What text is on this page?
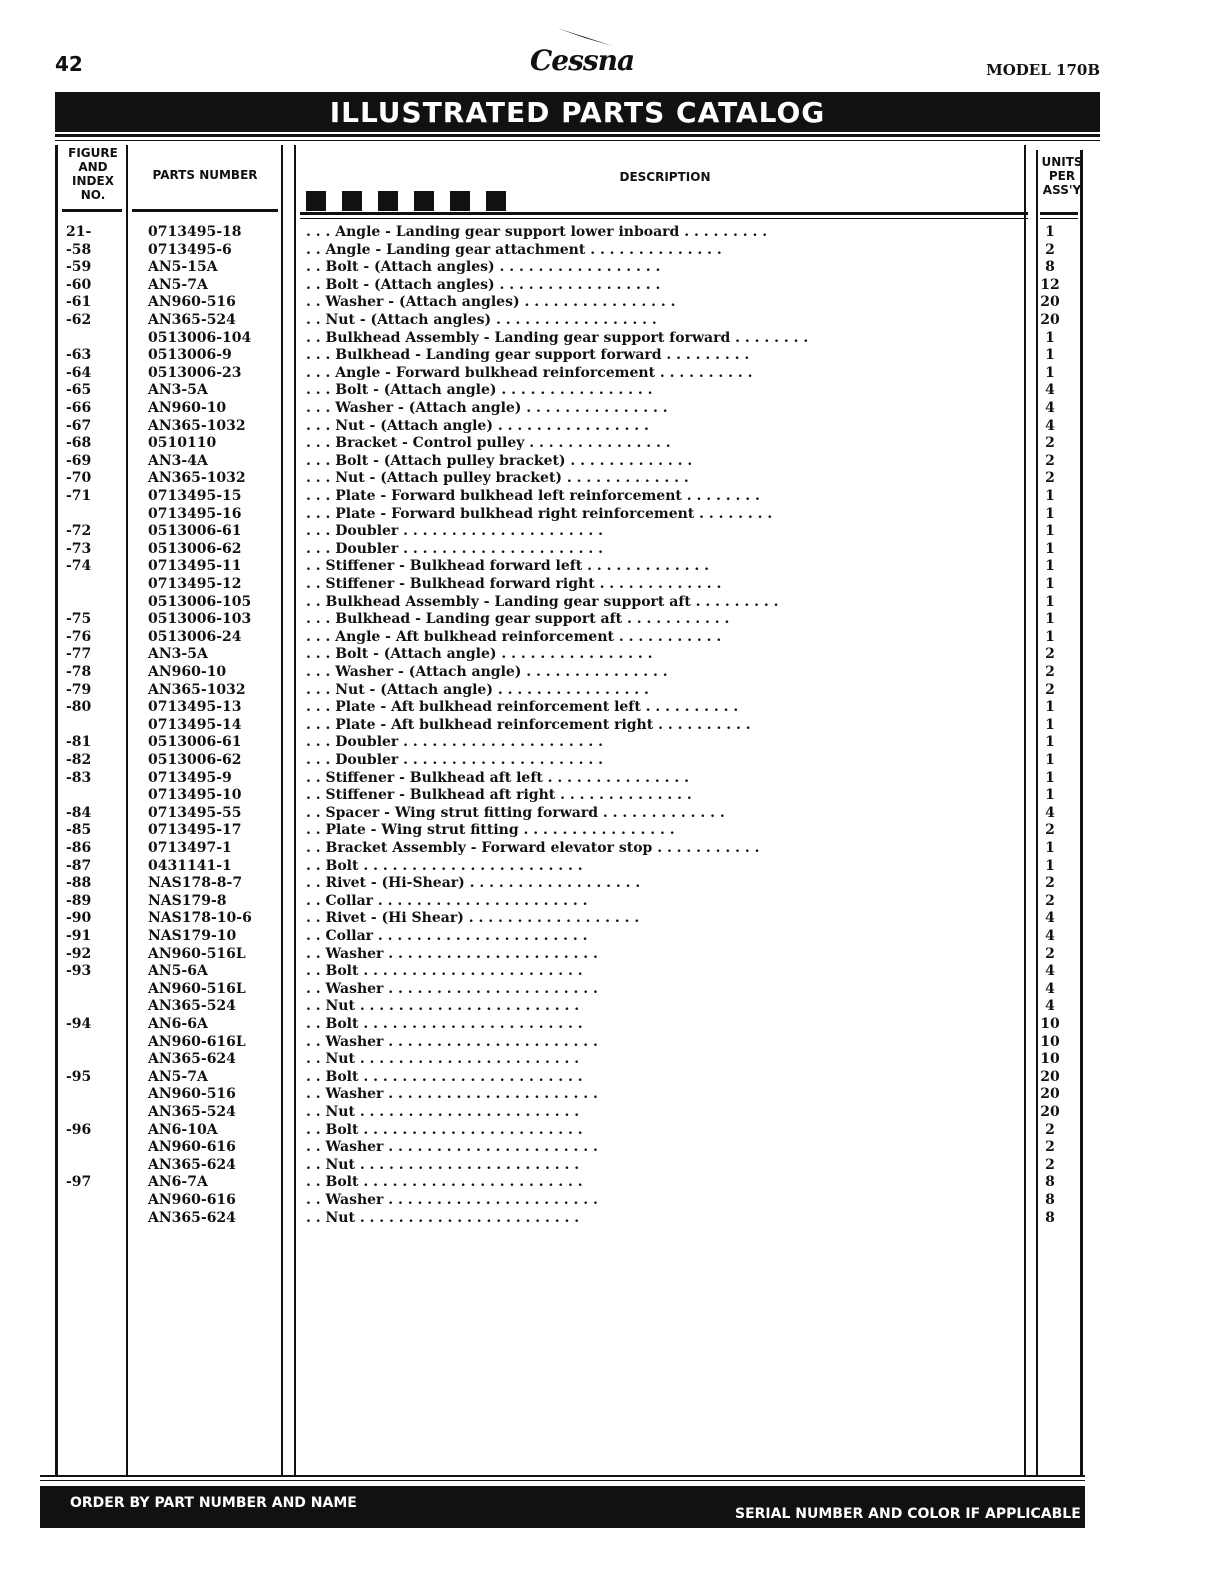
42	Cessna	MODEL 170B
ILLUSTRATED PARTS CATALOG
FIGURE
AND
INDEX
NO.
PARTS NUMBER	DESCRIPTION
UNITS
PER
ASS'Y
21-	0713495-18	. . . Angle - Landing gear support lower inboard . . . . . . . . .	1
-58	0713495-6	. . Angle - Landing gear attachment . . . . . . . . . . . . . .	2
-59	AN5-15A	. . Bolt - (Attach angles) . . . . . . . . . . . . . . . . .	8
-60	AN5-7A	. . Bolt - (Attach angles) . . . . . . . . . . . . . . . . .	12
-61	AN960-516	. . Washer - (Attach angles) . . . . . . . . . . . . . . . .	20
-62	AN365-524	. . Nut - (Attach angles) . . . . . . . . . . . . . . . . .	20
0513006-104	. . Bulkhead Assembly - Landing gear support forward . . . . . . . .	1
-63	0513006-9	. . . Bulkhead - Landing gear support forward . . . . . . . . .	1
-64	0513006-23	. . . Angle - Forward bulkhead reinforcement . . . . . . . . . .	1
-65	AN3-5A	. . . Bolt - (Attach angle) . . . . . . . . . . . . . . . .	4
-66	AN960-10	. . . Washer - (Attach angle) . . . . . . . . . . . . . . .	4
-67	AN365-1032	. . . Nut - (Attach angle) . . . . . . . . . . . . . . . .	4
-68	0510110	. . . Bracket - Control pulley . . . . . . . . . . . . . . .	2
-69	AN3-4A	. . . Bolt - (Attach pulley bracket) . . . . . . . . . . . . .	2
-70	AN365-1032	. . . Nut - (Attach pulley bracket) . . . . . . . . . . . . .	2
-71	0713495-15	. . . Plate - Forward bulkhead left reinforcement . . . . . . . .	1
0713495-16	. . . Plate - Forward bulkhead right reinforcement . . . . . . . .	1
-72	0513006-61	. . . Doubler . . . . . . . . . . . . . . . . . . . . .	1
-73	0513006-62	. . . Doubler . . . . . . . . . . . . . . . . . . . . .	1
-74	0713495-11	. . Stiffener - Bulkhead forward left . . . . . . . . . . . . .	1
0713495-12	. . Stiffener - Bulkhead forward right . . . . . . . . . . . . .	1
0513006-105	. . Bulkhead Assembly - Landing gear support aft . . . . . . . . .	1
-75	0513006-103	. . . Bulkhead - Landing gear support aft . . . . . . . . . . .	1
-76	0513006-24	. . . Angle - Aft bulkhead reinforcement . . . . . . . . . . .	1
-77	AN3-5A	. . . Bolt - (Attach angle) . . . . . . . . . . . . . . . .	2
-78	AN960-10	. . . Washer - (Attach angle) . . . . . . . . . . . . . . .	2
-79	AN365-1032	. . . Nut - (Attach angle) . . . . . . . . . . . . . . . .	2
-80	0713495-13	. . . Plate - Aft bulkhead reinforcement left . . . . . . . . . .	1
0713495-14	. . . Plate - Aft bulkhead reinforcement right . . . . . . . . . .	1
-81	0513006-61	. . . Doubler . . . . . . . . . . . . . . . . . . . . .	1
-82	0513006-62	. . . Doubler . . . . . . . . . . . . . . . . . . . . .	1
-83	0713495-9	. . Stiffener - Bulkhead aft left . . . . . . . . . . . . . . .	1
0713495-10	. . Stiffener - Bulkhead aft right . . . . . . . . . . . . . .	1
-84	0713495-55	. . Spacer - Wing strut fitting forward . . . . . . . . . . . . .	4
-85	0713495-17	. . Plate - Wing strut fitting . . . . . . . . . . . . . . . .	2
-86	0713497-1	. . Bracket Assembly - Forward elevator stop . . . . . . . . . . .	1
-87	0431141-1	. . Bolt . . . . . . . . . . . . . . . . . . . . . . .	1
-88	NAS178-8-7	. . Rivet - (Hi-Shear) . . . . . . . . . . . . . . . . . .	2
-89	NAS179-8	. . Collar . . . . . . . . . . . . . . . . . . . . . .	2
-90	NAS178-10-6	. . Rivet - (Hi Shear) . . . . . . . . . . . . . . . . . .	4
-91	NAS179-10	. . Collar . . . . . . . . . . . . . . . . . . . . . .	4
-92	AN960-516L	. . Washer . . . . . . . . . . . . . . . . . . . . . .	2
-93	AN5-6A	. . Bolt . . . . . . . . . . . . . . . . . . . . . . .	4
AN960-516L	. . Washer . . . . . . . . . . . . . . . . . . . . . .	4
AN365-524	. . Nut . . . . . . . . . . . . . . . . . . . . . . .	4
-94	AN6-6A	. . Bolt . . . . . . . . . . . . . . . . . . . . . . .	10
AN960-616L	. . Washer . . . . . . . . . . . . . . . . . . . . . .	10
AN365-624	. . Nut . . . . . . . . . . . . . . . . . . . . . . .	10
-95	AN5-7A	. . Bolt . . . . . . . . . . . . . . . . . . . . . . .	20
AN960-516	. . Washer . . . . . . . . . . . . . . . . . . . . . .	20
AN365-524	. . Nut . . . . . . . . . . . . . . . . . . . . . . .	20
-96	AN6-10A	. . Bolt . . . . . . . . . . . . . . . . . . . . . . .	2
AN960-616	. . Washer . . . . . . . . . . . . . . . . . . . . . .	2
AN365-624	. . Nut . . . . . . . . . . . . . . . . . . . . . . .	2
-97	AN6-7A	. . Bolt . . . . . . . . . . . . . . . . . . . . . . .	8
AN960-616	. . Washer . . . . . . . . . . . . . . . . . . . . . .	8
AN365-624	. . Nut . . . . . . . . . . . . . . . . . . . . . . .	8
ORDER BY PART NUMBER AND NAME
SERIAL NUMBER AND COLOR IF APPLICABLE
